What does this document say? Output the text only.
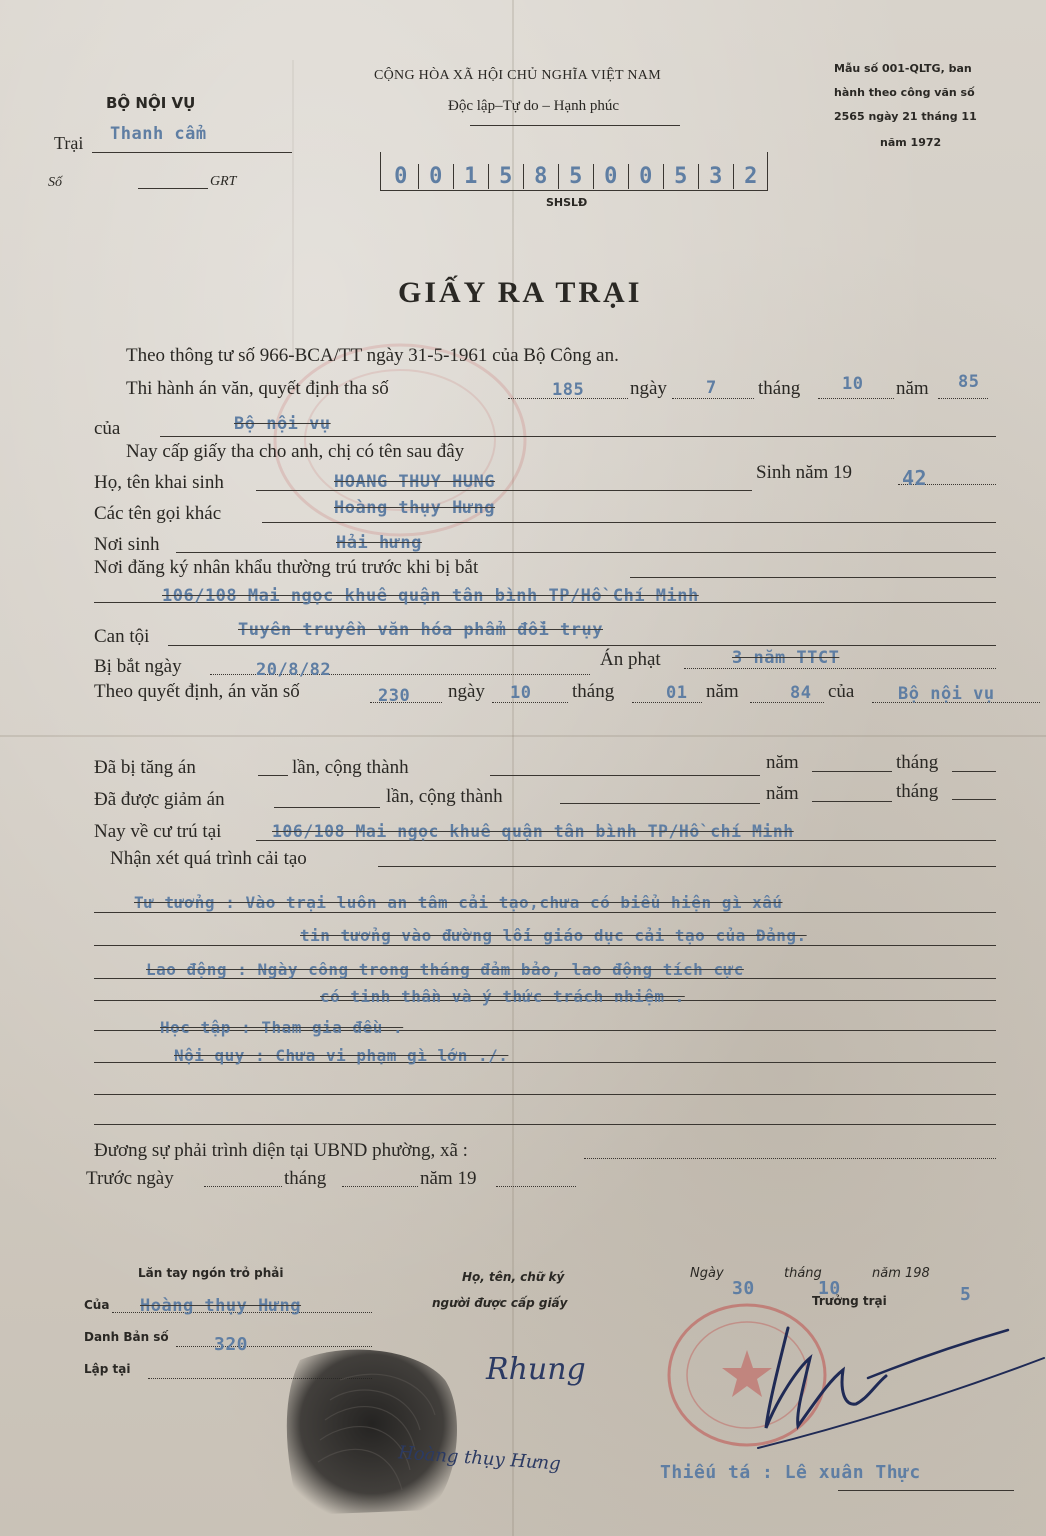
BỘ NỘI VỤ
Trại Thanh cẩm
Số	GRT
CỘNG HÒA XÃ HỘI CHỦ NGHĨA VIỆT NAM
Độc lập–Tự do – Hạnh phúc
Mẫu số 001-QLTG, ban
hành theo công văn số
2565 ngày 21 tháng 11
năm 1972
0 0 1 5 8 5 0 0 5 3 2
SHSLĐ
GIẤY RA TRẠI
Theo thông tư số 966-BCA/TT ngày 31-5-1961 của Bộ Công an.
Thi hành án văn, quyết định tha số	185 ngày 7 tháng 10 năm 85
của	Bộ nội vụ
Nay cấp giấy tha cho anh, chị có tên sau đây
Họ, tên khai sinh	HOANG THUY HUNG	Sinh năm 19 42
Các tên gọi khác	Hoàng thụy Hưng
Nơi sinh	Hải hưng
Nơi đăng ký nhân khẩu thường trú trước khi bị bắt
106/108 Mai ngọc khuê quận tân bình TP/Hồ Chí Minh
Can tội	Tuyên truyền văn hóa phẩm đồi trụy
Bị bắt ngày	20/8/82	Án phạt	3 năm TTCT
Theo quyết định, án văn số	230 ngày 10 tháng	01 năm	84 của	Bộ nội vụ
Đã bị tăng án	lần, cộng thành	năm	tháng
Đã được giảm án	lần, cộng thành	năm	tháng
Nay về cư trú tại	106/108 Mai ngọc khuê quận tân bình TP/Hồ chí Minh
Nhận xét quá trình cải tạo
Tư tưởng : Vào trại luôn an tâm cải tạo,chưa có biểu hiện gì xấu
tin tưởng vào đường lối giáo dục cải tạo của Đảng.
Lao động : Ngày công trong tháng đảm bảo, lao động tích cực
có tinh thần và ý thức trách nhiệm .
Học tập : Tham gia đều .
Nội quy : Chưa vi phạm gì lớn ./.
Đương sự phải trình diện tại UBND phường, xã :
Trước ngày	tháng	năm 19
Lăn tay ngón trỏ phải
Của Hoàng thụy Hưng
Danh Bản số	320
Lập tại
Họ, tên, chữ ký
người được cấp giấy
Rhung
Hoàng thụy Hưng
Ngày
30
tháng
10
năm 198
5
Trưởng trại
Thiếu tá : Lê xuân Thực
